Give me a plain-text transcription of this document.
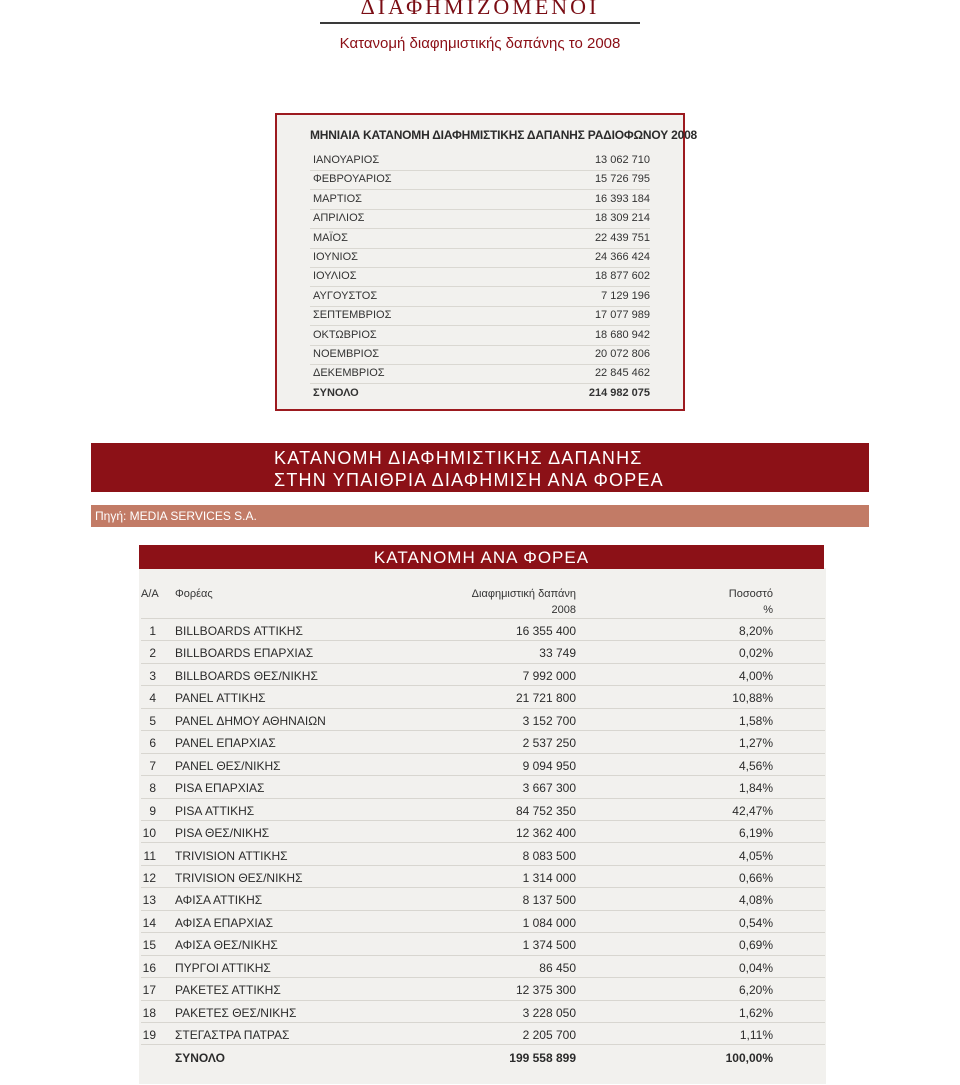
ΔΙΑΦΗΜΙΖΟΜΕΝΟΙ
Κατανομή διαφημιστικής δαπάνης το 2008
ΜΗΝΙΑΙΑ ΚΑΤΑΝΟΜΗ ΔΙΑΦΗΜΙΣΤΙΚΗΣ ΔΑΠΑΝΗΣ ΡΑΔΙΟΦΩΝΟΥ 2008
ΙΑΝΟΥΑΡΙΟΣ	13 062 710
ΦΕΒΡΟΥΑΡΙΟΣ	15 726 795
ΜΑΡΤΙΟΣ	16 393 184
ΑΠΡΙΛΙΟΣ	18 309 214
ΜΑΪΟΣ	22 439 751
ΙΟΥΝΙΟΣ	24 366 424
ΙΟΥΛΙΟΣ	18 877 602
ΑΥΓΟΥΣΤΟΣ	7 129 196
ΣΕΠΤΕΜΒΡΙΟΣ	17 077 989
ΟΚΤΩΒΡΙΟΣ	18 680 942
ΝΟΕΜΒΡΙΟΣ	20 072 806
ΔΕΚΕΜΒΡΙΟΣ	22 845 462
ΣΥΝΟΛΟ	214 982 075
ΚΑΤΑΝΟΜΗ ΔΙΑΦΗΜΙΣΤΙΚΗΣ ΔΑΠΑΝΗΣ
ΣΤΗΝ ΥΠΑΙΘΡΙΑ ΔΙΑΦΗΜΙΣΗ ΑΝΑ ΦΟΡΕΑ
Πηγή: MEDIA SERVICES S.A.
ΚΑΤΑΝΟΜΗ ΑΝΑ ΦΟΡΕΑ
Α/Α Φορέας	Διαφημιστική δαπάνη
2008
Ποσοστό
%
1 BILLBOARDS ΑΤΤΙΚΗΣ	16 355 400	8,20%
2 BILLBOARDS ΕΠΑΡΧΙΑΣ	33 749	0,02%
3 BILLBOARDS ΘΕΣ/ΝΙΚΗΣ	7 992 000	4,00%
4 PANEL ΑΤΤΙΚΗΣ	21 721 800	10,88%
5 PANEL ΔΗΜΟΥ ΑΘΗΝΑΙΩΝ	3 152 700	1,58%
6 PANEL ΕΠΑΡΧΙΑΣ	2 537 250	1,27%
7 PANEL ΘΕΣ/ΝΙΚΗΣ	9 094 950	4,56%
8 PISA ΕΠΑΡΧΙΑΣ	3 667 300	1,84%
9 PISA ΑΤΤΙΚΗΣ	84 752 350	42,47%
10 PISA ΘΕΣ/ΝΙΚΗΣ	12 362 400	6,19%
11 TRIVISION ΑΤΤΙΚΗΣ	8 083 500	4,05%
12 TRIVISION ΘΕΣ/ΝΙΚΗΣ	1 314 000	0,66%
13 ΑΦΙΣΑ ΑΤΤΙΚΗΣ	8 137 500	4,08%
14 ΑΦΙΣΑ ΕΠΑΡΧΙΑΣ	1 084 000	0,54%
15 ΑΦΙΣΑ ΘΕΣ/ΝΙΚΗΣ	1 374 500	0,69%
16 ΠΥΡΓΟΙ ΑΤΤΙΚΗΣ	86 450	0,04%
17 ΡΑΚΕΤΕΣ ΑΤΤΙΚΗΣ	12 375 300	6,20%
18 ΡΑΚΕΤΕΣ ΘΕΣ/ΝΙΚΗΣ	3 228 050	1,62%
19 ΣΤΕΓΑΣΤΡΑ ΠΑΤΡΑΣ	2 205 700	1,11%
ΣΥΝΟΛΟ	199 558 899	100,00%
